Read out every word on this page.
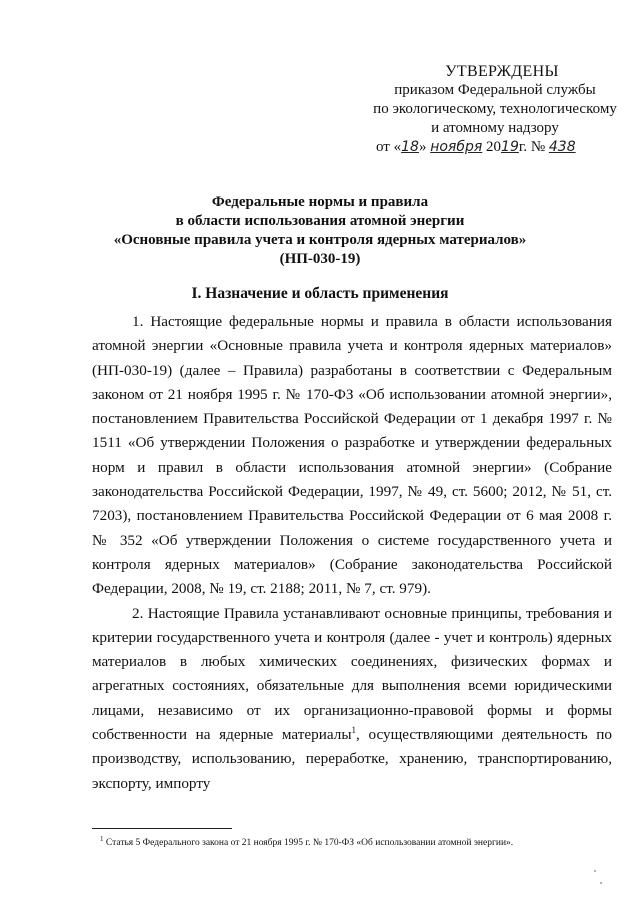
УТВЕРЖДЕНЫ
приказом Федеральной службы
по экологическому, технологическому
и атомному надзору
от «18» ноября 2019г. № 438
Федеральные нормы и правила
в области использования атомной энергии
«Основные правила учета и контроля ядерных материалов»
(НП-030-19)
I. Назначение и область применения

1. Настоящие федеральные нормы и правила в области использования атомной энергии «Основные правила учета и контроля ядерных материалов» (НП-030-19) (далее – Правила) разработаны в соответствии с Федеральным законом от 21 ноября 1995 г. № 170-ФЗ «Об использовании атомной энергии», постановлением Правительства Российской Федерации от 1 декабря 1997 г. № 1511 «Об утверждении Положения о разработке и утверждении федеральных норм и правил в области использования атомной энергии» (Собрание законодательства Российской Федерации, 1997, № 49, ст. 5600; 2012, № 51, ст. 7203), постановлением Правительства Российской Федерации от 6 мая 2008 г. № 352 «Об утверждении Положения о системе государственного учета и контроля ядерных материалов» (Собрание законодательства Российской Федерации, 2008, № 19, ст. 2188; 2011, № 7, ст. 979).

2. Настоящие Правила устанавливают основные принципы, требования и критерии государственного учета и контроля (далее - учет и контроль) ядерных материалов в любых химических соединениях, физических формах и агрегатных состояниях, обязательные для выполнения всеми юридическими лицами, независимо от их организационно-правовой формы и формы собственности на ядерные материалы$^1$, осуществляющими деятельность по производству, использованию, переработке, хранению, транспортированию, экспорту, импорту

$^1$ Статья 5 Федерального закона от 21 ноября 1995 г. № 170-ФЗ «Об использовании атомной энергии».
